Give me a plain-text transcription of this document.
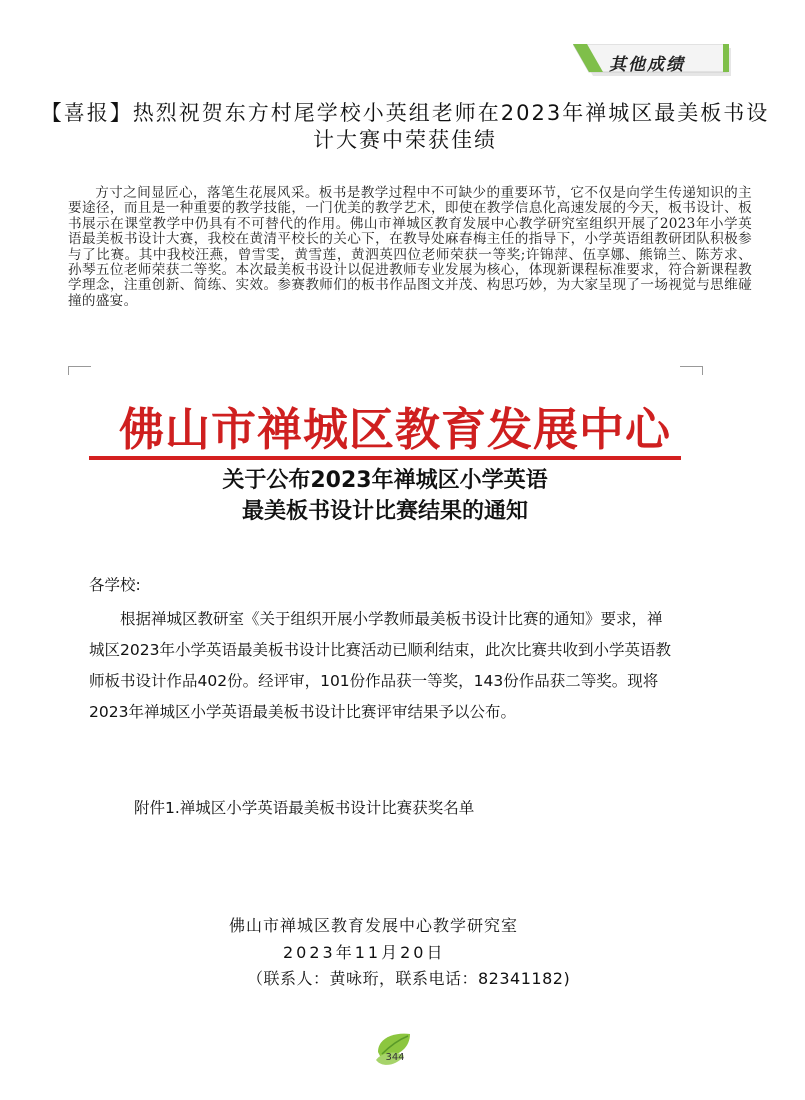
其他成绩
【喜报】热烈祝贺东方村尾学校小英组老师在2023年禅城区最美板书设计大赛中荣获佳绩
方寸之间显匠心，落笔生花展风采。板书是教学过程中不可缺少的重要环节，它不仅是向学生传递知识的主要途径，而且是一种重要的教学技能，一门优美的教学艺术，即使在教学信息化高速发展的今天，板书设计、板书展示在课堂教学中仍具有不可替代的作用。佛山市禅城区教育发展中心教学研究室组织开展了2023年小学英语最美板书设计大赛，我校在黄清平校长的关心下，在教导处麻春梅主任的指导下，小学英语组教研团队积极参与了比赛。其中我校汪燕，曾雪雯，黄雪莲，黄泗英四位老师荣获一等奖;许锦萍、伍享娜、熊锦兰、陈芳求、孙琴五位老师荣获二等奖。本次最美板书设计以促进教师专业发展为核心，体现新课程标准要求，符合新课程教学理念，注重创新、简练、实效。参赛教师们的板书作品图文并茂、构思巧妙，为大家呈现了一场视觉与思维碰撞的盛宴。
佛山市禅城区教育发展中心
关于公布2023年禅城区小学英语
最美板书设计比赛结果的通知
各学校:
根据禅城区教研室《关于组织开展小学教师最美板书设计比赛的通知》要求，禅城区2023年小学英语最美板书设计比赛活动已顺利结束，此次比赛共收到小学英语教师板书设计作品402份。经评审，101份作品获一等奖，143份作品获二等奖。现将2023年禅城区小学英语最美板书设计比赛评审结果予以公布。
附件1.禅城区小学英语最美板书设计比赛获奖名单
佛山市禅城区教育发展中心教学研究室
2023年11月20日
（联系人：黄咏珩，联系电话：82341182)
344
